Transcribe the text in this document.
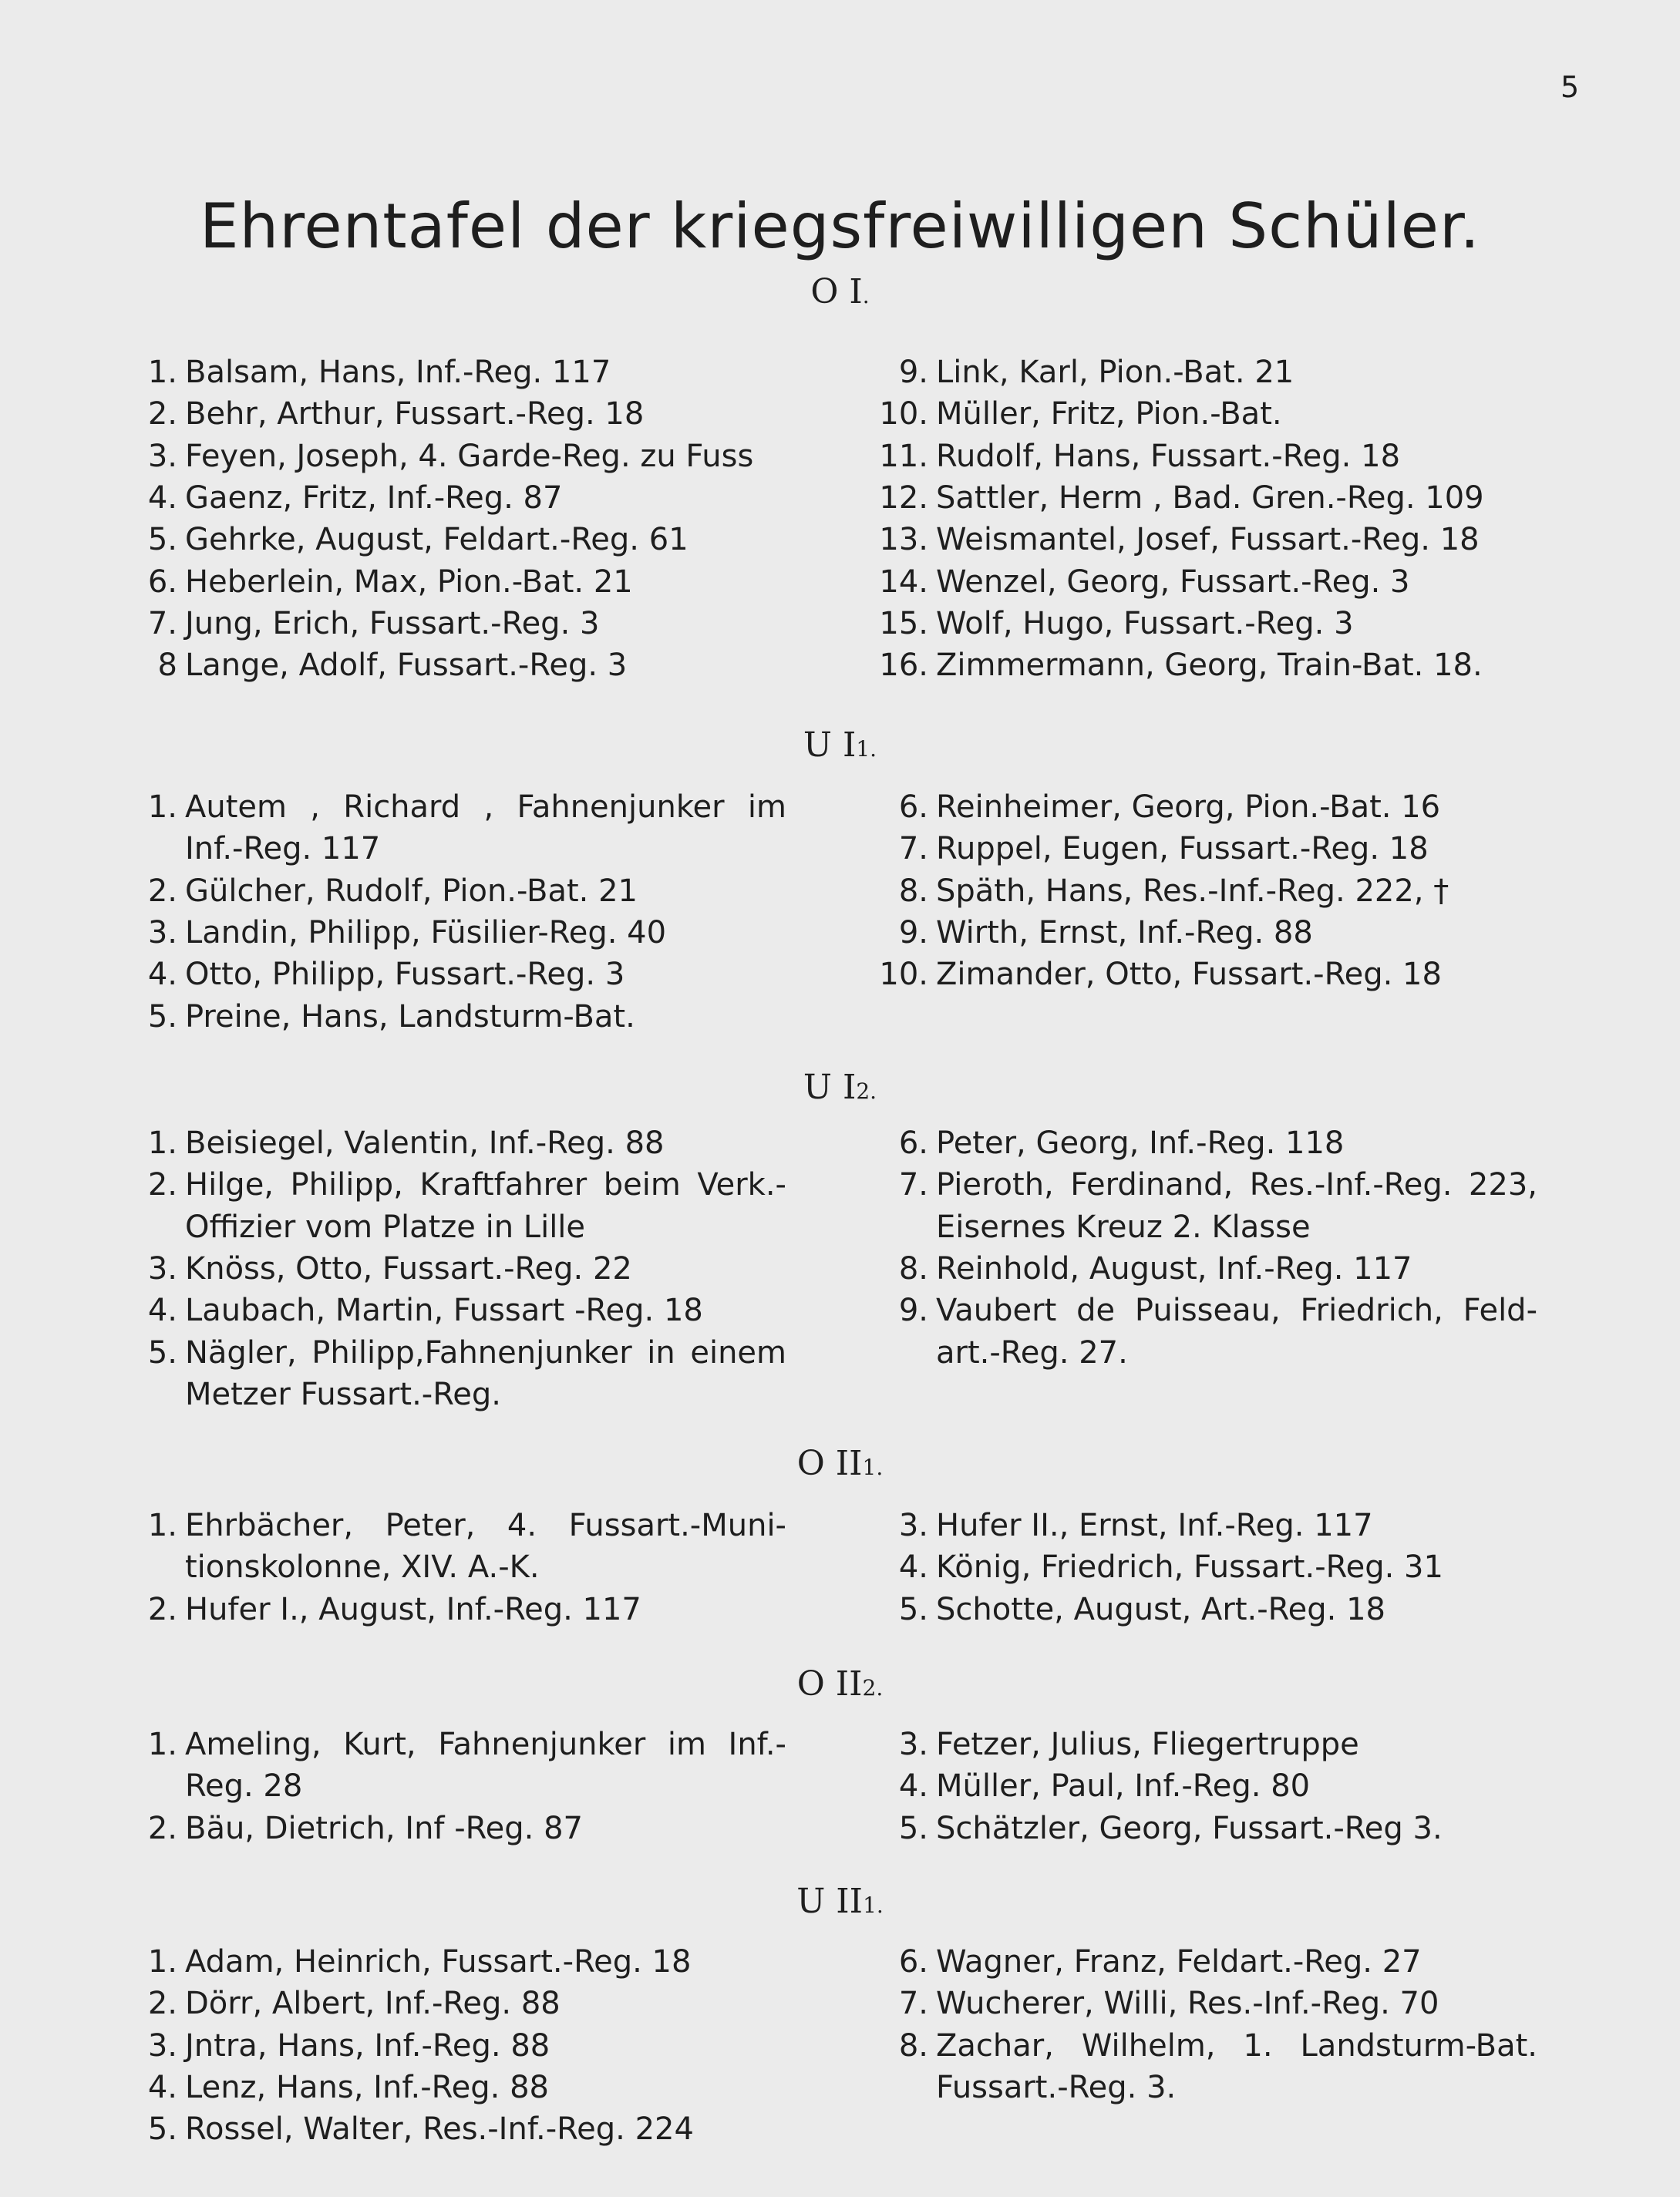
5
Ehrentafel der kriegsfreiwilligen Schüler.
O I.
1. Balsam, Hans, Inf.-Reg. 117
2. Behr, Arthur, Fussart.-Reg. 18
3. Feyen, Joseph, 4. Garde-Reg. zu Fuss
4. Gaenz, Fritz, Inf.-Reg. 87
5. Gehrke, August, Feldart.-Reg. 61
6. Heberlein, Max, Pion.-Bat. 21
7. Jung, Erich, Fussart.-Reg. 3
8 Lange, Adolf, Fussart.-Reg. 3
9. Link, Karl, Pion.-Bat. 21
10. Müller, Fritz, Pion.-Bat.
11. Rudolf, Hans, Fussart.-Reg. 18
12. Sattler, Herm , Bad. Gren.-Reg. 109
13. Weismantel, Josef, Fussart.-Reg. 18
14. Wenzel, Georg, Fussart.-Reg. 3
15. Wolf, Hugo, Fussart.-Reg. 3
16. Zimmermann, Georg, Train-Bat. 18.
U I1.
1. Autem , Richard , Fahnenjunker im
Inf.-Reg. 117
2. Gülcher, Rudolf, Pion.-Bat. 21
3. Landin, Philipp, Füsilier-Reg. 40
4. Otto, Philipp, Fussart.-Reg. 3
5. Preine, Hans, Landsturm-Bat.
6. Reinheimer, Georg, Pion.-Bat. 16
7. Ruppel, Eugen, Fussart.-Reg. 18
8. Späth, Hans, Res.-Inf.-Reg. 222, †
9. Wirth, Ernst, Inf.-Reg. 88
10. Zimander, Otto, Fussart.-Reg. 18
U I2.
1. Beisiegel, Valentin, Inf.-Reg. 88
2. Hilge, Philipp, Kraftfahrer beim Verk.-
Offizier vom Platze in Lille
3. Knöss, Otto, Fussart.-Reg. 22
4. Laubach, Martin, Fussart -Reg. 18
5. Nägler, Philipp,Fahnenjunker in einem
Metzer Fussart.-Reg.
6. Peter, Georg, Inf.-Reg. 118
7. Pieroth, Ferdinand, Res.-Inf.-Reg. 223,
Eisernes Kreuz 2. Klasse
8. Reinhold, August, Inf.-Reg. 117
9. Vaubert de Puisseau, Friedrich, Feld-
art.-Reg. 27.
O II1.
1. Ehrbächer, Peter, 4. Fussart.-Muni-
tionskolonne, XIV. A.-K.
2. Hufer I., August, Inf.-Reg. 117
3. Hufer II., Ernst, Inf.-Reg. 117
4. König, Friedrich, Fussart.-Reg. 31
5. Schotte, August, Art.-Reg. 18
O II2.
1. Ameling, Kurt, Fahnenjunker im Inf.-
Reg. 28
2. Bäu, Dietrich, Inf -Reg. 87
3. Fetzer, Julius, Fliegertruppe
4. Müller, Paul, Inf.-Reg. 80
5. Schätzler, Georg, Fussart.-Reg 3.
U II1.
1. Adam, Heinrich, Fussart.-Reg. 18
2. Dörr, Albert, Inf.-Reg. 88
3. Jntra, Hans, Inf.-Reg. 88
4. Lenz, Hans, Inf.-Reg. 88
5. Rossel, Walter, Res.-Inf.-Reg. 224
6. Wagner, Franz, Feldart.-Reg. 27
7. Wucherer, Willi, Res.-Inf.-Reg. 70
8. Zachar, Wilhelm, 1. Landsturm-Bat.
Fussart.-Reg. 3.
